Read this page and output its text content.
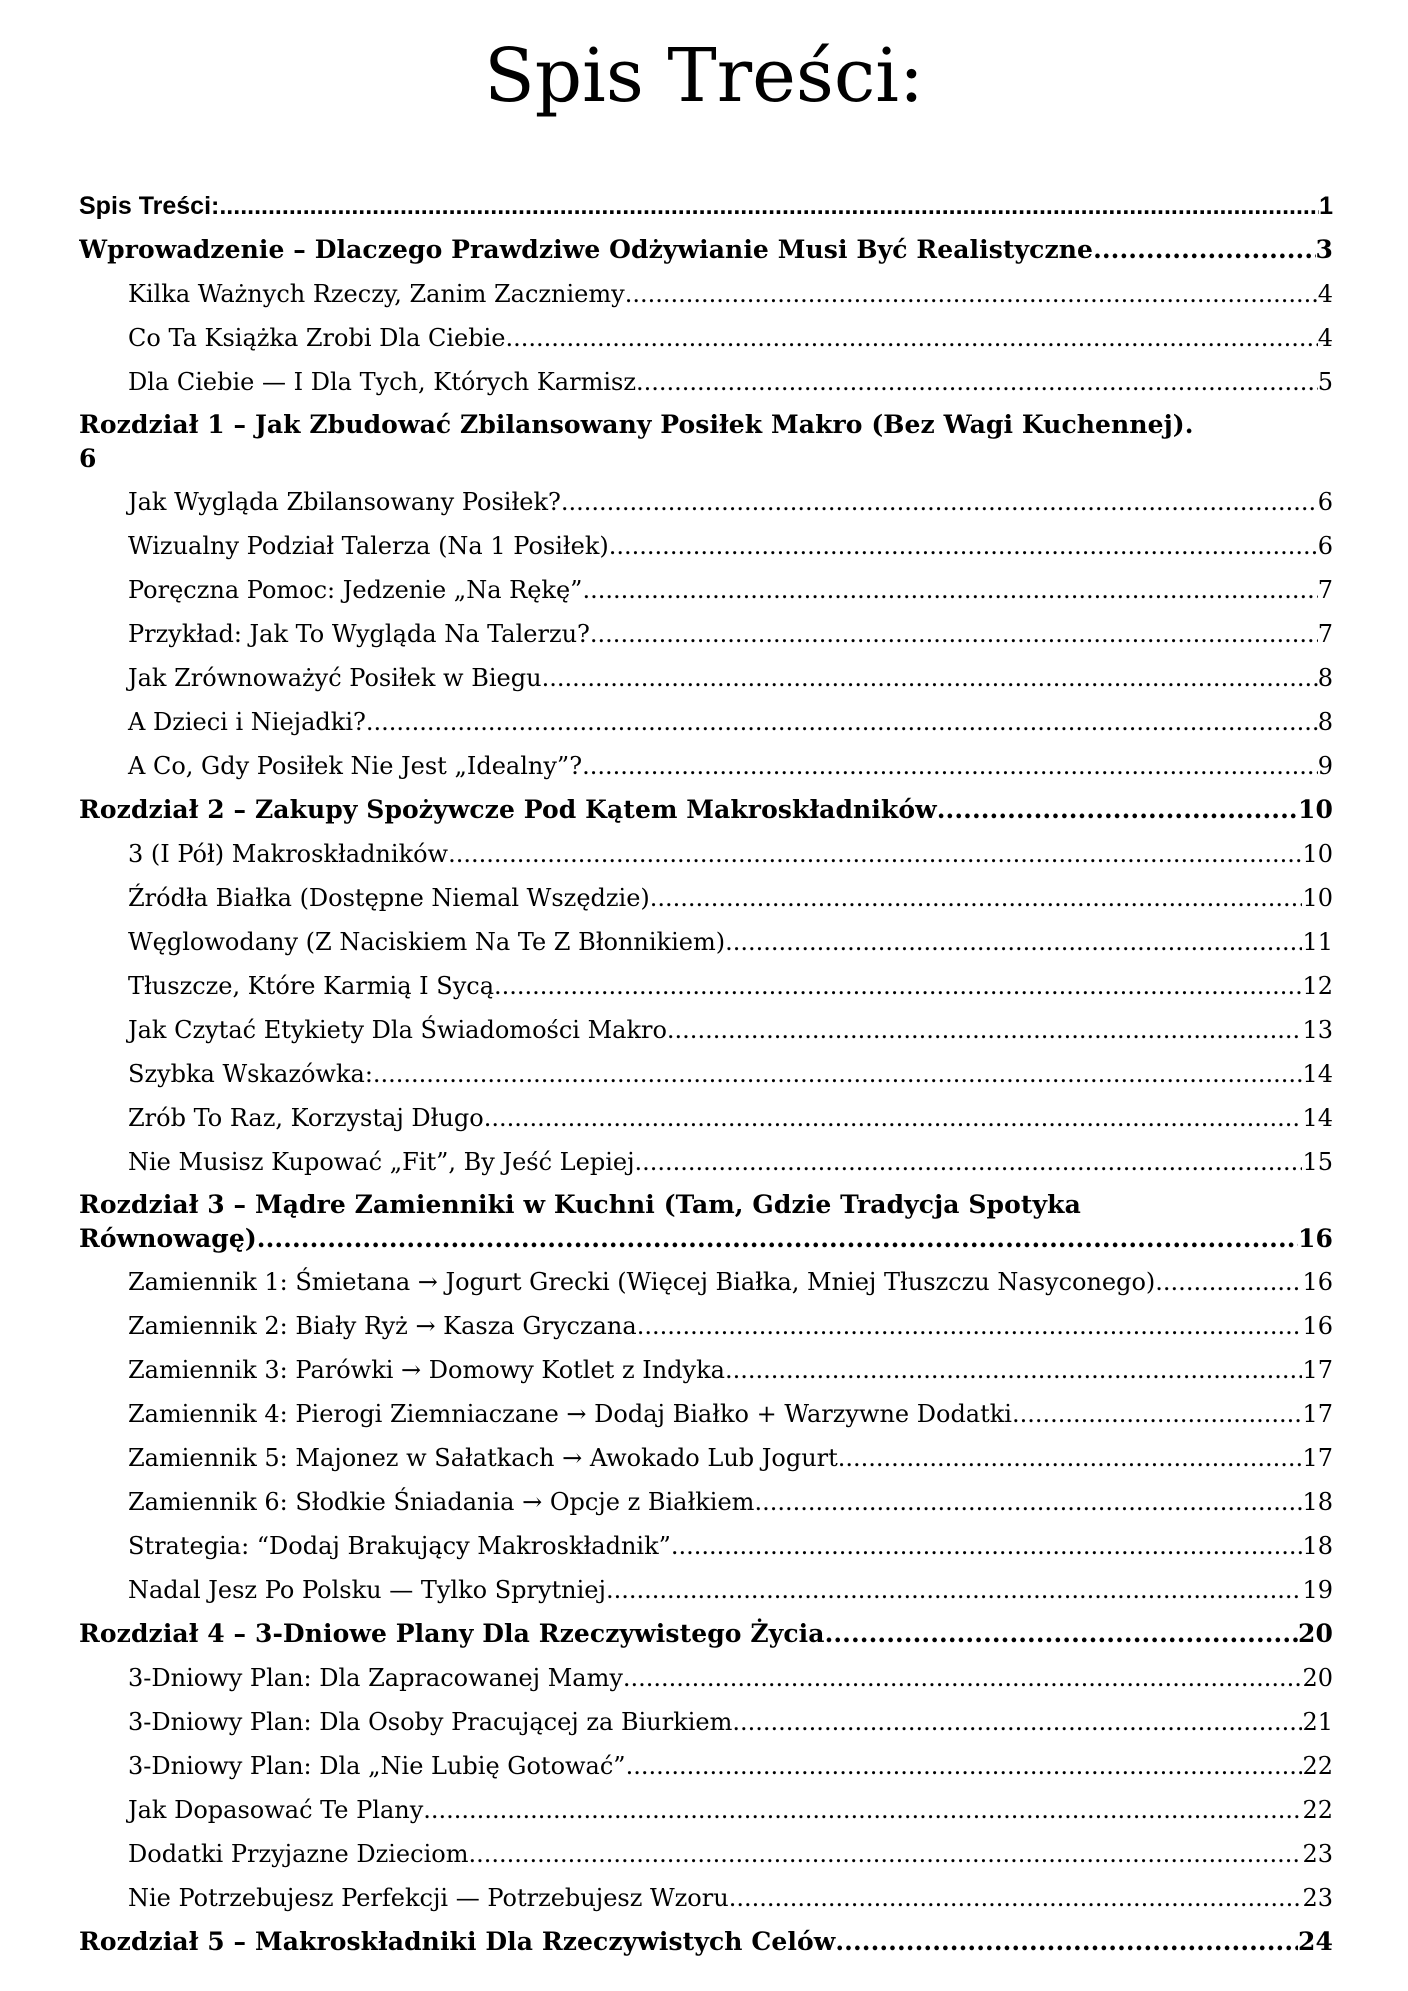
Spis Treści:
Spis Treści: .....	1
Wprowadzenie – Dlaczego Prawdziwe Odżywianie Musi Być Realistyczne .....	3
Kilka Ważnych Rzeczy, Zanim Zaczniemy .....	4
Co Ta Książka Zrobi Dla Ciebie .....	4
Dla Ciebie — I Dla Tych, Których Karmisz .....	5
Rozdział 1 – Jak Zbudować Zbilansowany Posiłek Makro (Bez Wagi Kuchennej).
6
Jak Wygląda Zbilansowany Posiłek? .....	6
Wizualny Podział Talerza (Na 1 Posiłek) .....	6
Poręczna Pomoc: Jedzenie „Na Rękę” .....	7
Przykład: Jak To Wygląda Na Talerzu? .....	7
Jak Zrównoważyć Posiłek w Biegu .....	8
A Dzieci i Niejadki? .....	8
A Co, Gdy Posiłek Nie Jest „Idealny”? .....	9
Rozdział 2 – Zakupy Spożywcze Pod Kątem Makroskładników .....	10
3 (I Pół) Makroskładników .....	10
Źródła Białka (Dostępne Niemal Wszędzie) .....	10
Węglowodany (Z Naciskiem Na Te Z Błonnikiem) .....	11
Tłuszcze, Które Karmią I Sycą .....	12
Jak Czytać Etykiety Dla Świadomości Makro .....	13
Szybka Wskazówka: .....	14
Zrób To Raz, Korzystaj Długo .....	14
Nie Musisz Kupować „Fit”, By Jeść Lepiej .....	15
Rozdział 3 – Mądre Zamienniki w Kuchni (Tam, Gdzie Tradycja Spotyka
Równowagę) .....	16
Zamiennik 1: Śmietana → Jogurt Grecki (Więcej Białka, Mniej Tłuszczu Nasyconego) .....	16
Zamiennik 2: Biały Ryż → Kasza Gryczana .....	16
Zamiennik 3: Parówki → Domowy Kotlet z Indyka .....	17
Zamiennik 4: Pierogi Ziemniaczane → Dodaj Białko + Warzywne Dodatki .....	17
Zamiennik 5: Majonez w Sałatkach → Awokado Lub Jogurt .....	17
Zamiennik 6: Słodkie Śniadania → Opcje z Białkiem .....	18
Strategia: “Dodaj Brakujący Makroskładnik” .....	18
Nadal Jesz Po Polsku — Tylko Sprytniej .....	19
Rozdział 4 – 3-Dniowe Plany Dla Rzeczywistego Życia .....	20
3-Dniowy Plan: Dla Zapracowanej Mamy .....	20
3-Dniowy Plan: Dla Osoby Pracującej za Biurkiem .....	21
3-Dniowy Plan: Dla „Nie Lubię Gotować” .....	22
Jak Dopasować Te Plany .....	22
Dodatki Przyjazne Dzieciom .....	23
Nie Potrzebujesz Perfekcji — Potrzebujesz Wzoru .....	23
Rozdział 5 – Makroskładniki Dla Rzeczywistych Celów .....	24
